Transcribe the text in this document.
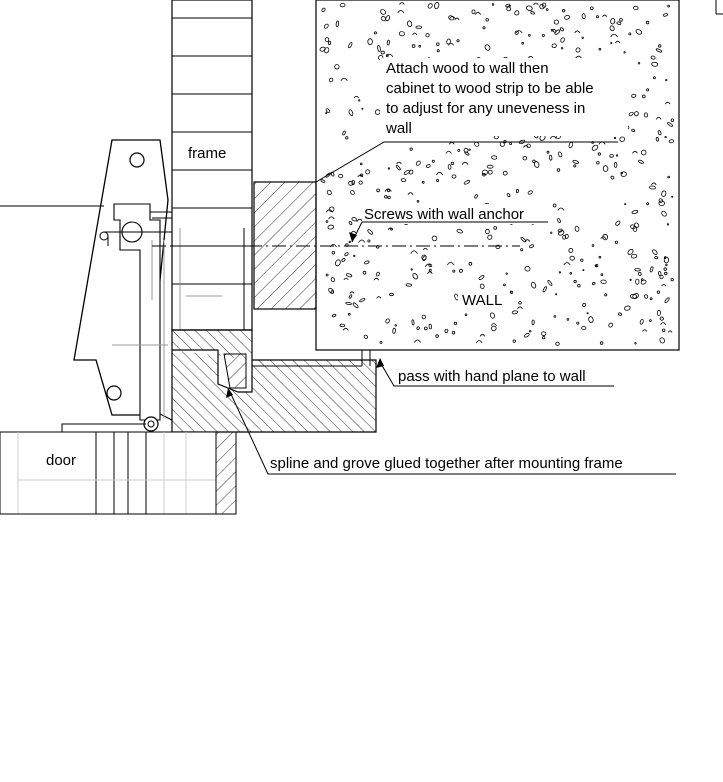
door
frame
Attach wood to wall then
cabinet to wood strip to be able
to adjust for any uneveness in
wall
Screws with wall anchor
WALL
pass with hand plane to wall
spline and grove glued together after mounting frame
